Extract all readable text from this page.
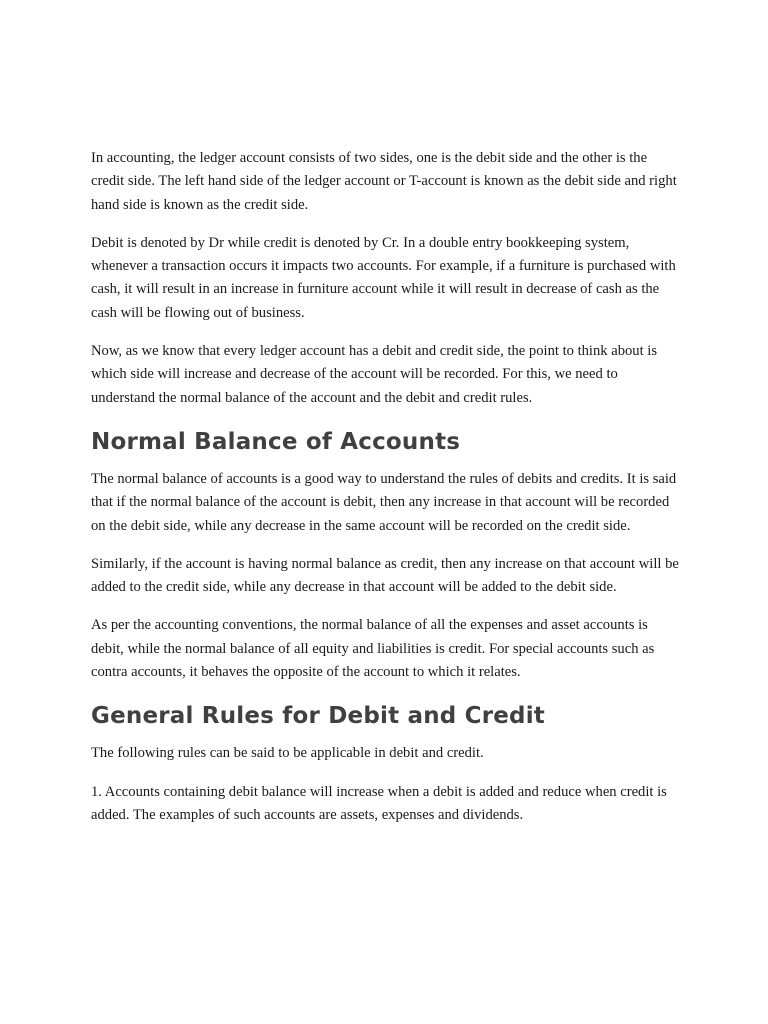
In accounting, the ledger account consists of two sides, one is the debit side and the other is the credit side. The left hand side of the ledger account or T-account is known as the debit side and right hand side is known as the credit side.

Debit is denoted by Dr while credit is denoted by Cr. In a double entry bookkeeping system, whenever a transaction occurs it impacts two accounts. For example, if a furniture is purchased with cash, it will result in an increase in furniture account while it will result in decrease of cash as the cash will be flowing out of business.

Now, as we know that every ledger account has a debit and credit side, the point to think about is which side will increase and decrease of the account will be recorded. For this, we need to understand the normal balance of the account and the debit and credit rules.

Normal Balance of Accounts

The normal balance of accounts is a good way to understand the rules of debits and credits. It is said that if the normal balance of the account is debit, then any increase in that account will be recorded on the debit side, while any decrease in the same account will be recorded on the credit side.

Similarly, if the account is having normal balance as credit, then any increase on that account will be added to the credit side, while any decrease in that account will be added to the debit side.

As per the accounting conventions, the normal balance of all the expenses and asset accounts is debit, while the normal balance of all equity and liabilities is credit. For special accounts such as contra accounts, it behaves the opposite of the account to which it relates.

General Rules for Debit and Credit

The following rules can be said to be applicable in debit and credit.

1. Accounts containing debit balance will increase when a debit is added and reduce when credit is added. The examples of such accounts are assets, expenses and dividends.
